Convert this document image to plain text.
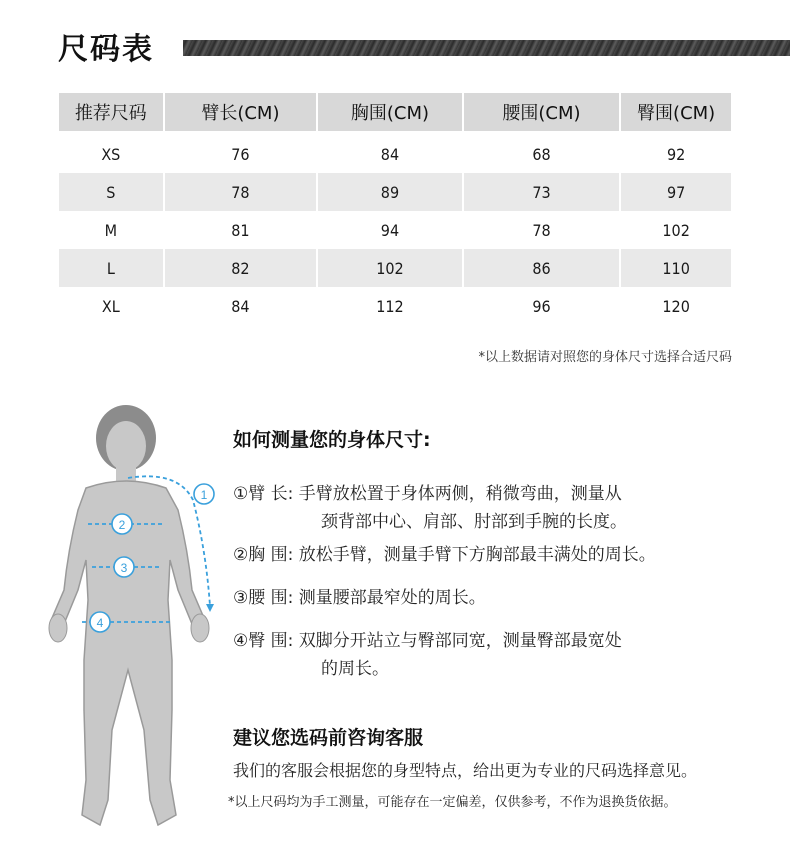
尺码表
推荐尺码	臂长(CM)	胸围(CM)	腰围(CM)	臀围(CM)
XS	76	84	68	92
S	78	89	73	97
M	81	94	78	102
L	82	102	86	110
XL	84	112	96	120
*以上数据请对照您的身体尺寸选择合适尺码
1
2
3
4
如何测量您的身体尺寸:
①臂 长: 手臂放松置于身体两侧，稍微弯曲，测量从
颈背部中心、肩部、肘部到手腕的长度。
②胸 围: 放松手臂，测量手臂下方胸部最丰满处的周长。
③腰 围: 测量腰部最窄处的周长。
④臀 围: 双脚分开站立与臀部同宽，测量臀部最宽处
的周长。
建议您选码前咨询客服
我们的客服会根据您的身型特点，给出更为专业的尺码选择意见。
*以上尺码均为手工测量，可能存在一定偏差，仅供参考，不作为退换货依据。
